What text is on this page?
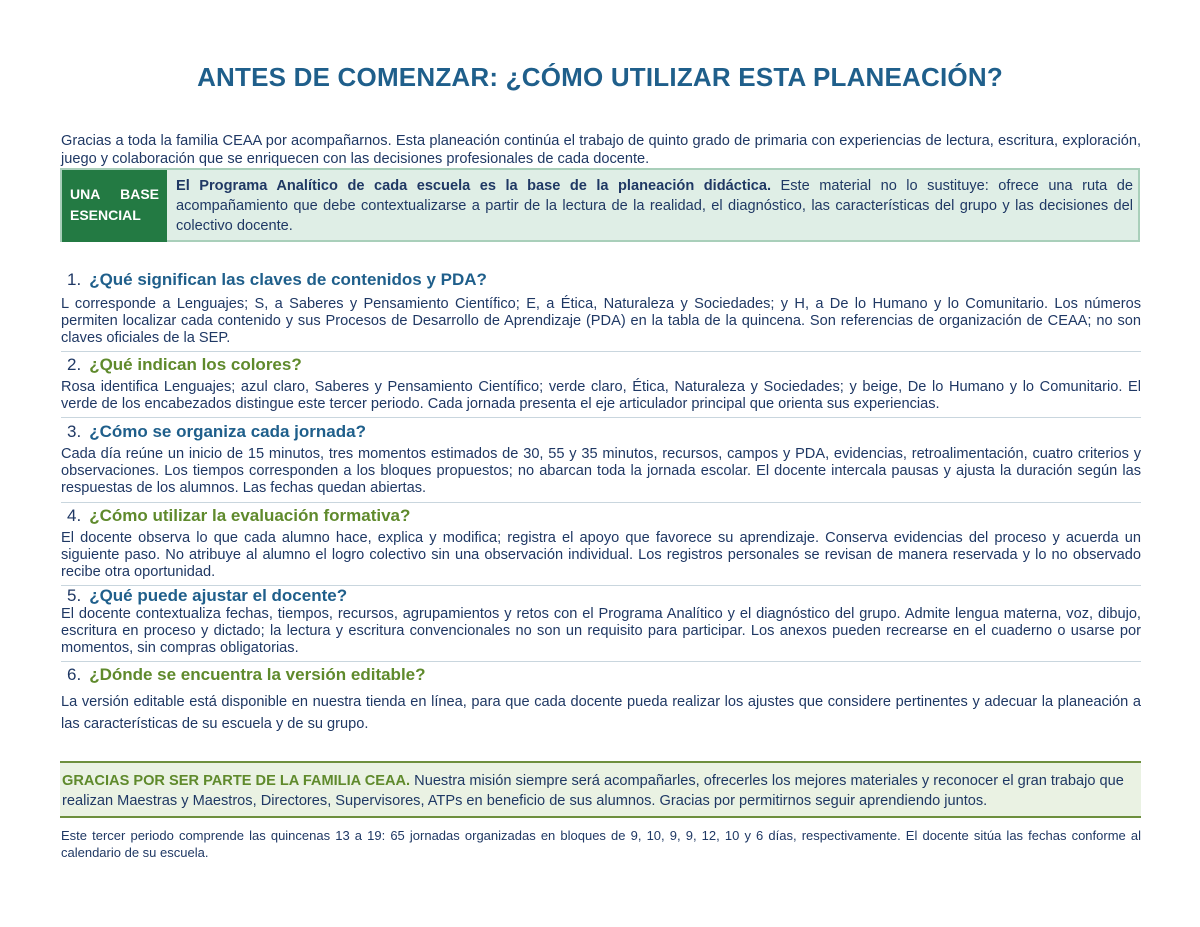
ANTES DE COMENZAR: ¿CÓMO UTILIZAR ESTA PLANEACIÓN?
Gracias a toda la familia CEAA por acompañarnos. Esta planeación continúa el trabajo de quinto grado de primaria con experiencias de lectura, escritura, exploración, juego y colaboración que se enriquecen con las decisiones profesionales de cada docente.
UNA BASE
ESENCIAL
El Programa Analítico de cada escuela es la base de la planeación didáctica. Este material no lo sustituye: ofrece una ruta de acompañamiento que debe contextualizarse a partir de la lectura de la realidad, el diagnóstico, las características del grupo y las decisiones del colectivo docente.
1. ¿Qué significan las claves de contenidos y PDA?
L corresponde a Lenguajes; S, a Saberes y Pensamiento Científico; E, a Ética, Naturaleza y Sociedades; y H, a De lo Humano y lo Comunitario. Los números permiten localizar cada contenido y sus Procesos de Desarrollo de Aprendizaje (PDA) en la tabla de la quincena. Son referencias de organización de CEAA; no son claves oficiales de la SEP.
2. ¿Qué indican los colores?
Rosa identifica Lenguajes; azul claro, Saberes y Pensamiento Científico; verde claro, Ética, Naturaleza y Sociedades; y beige, De lo Humano y lo Comunitario. El verde de los encabezados distingue este tercer periodo. Cada jornada presenta el eje articulador principal que orienta sus experiencias.
3. ¿Cómo se organiza cada jornada?
Cada día reúne un inicio de 15 minutos, tres momentos estimados de 30, 55 y 35 minutos, recursos, campos y PDA, evidencias, retroalimentación, cuatro criterios y observaciones. Los tiempos corresponden a los bloques propuestos; no abarcan toda la jornada escolar. El docente intercala pausas y ajusta la duración según las respuestas de los alumnos. Las fechas quedan abiertas.
4. ¿Cómo utilizar la evaluación formativa?
El docente observa lo que cada alumno hace, explica y modifica; registra el apoyo que favorece su aprendizaje. Conserva evidencias del proceso y acuerda un siguiente paso. No atribuye al alumno el logro colectivo sin una observación individual. Los registros personales se revisan de manera reservada y lo no observado recibe otra oportunidad.
5. ¿Qué puede ajustar el docente?
El docente contextualiza fechas, tiempos, recursos, agrupamientos y retos con el Programa Analítico y el diagnóstico del grupo. Admite lengua materna, voz, dibujo, escritura en proceso y dictado; la lectura y escritura convencionales no son un requisito para participar. Los anexos pueden recrearse en el cuaderno o usarse por momentos, sin compras obligatorias.
6. ¿Dónde se encuentra la versión editable?
La versión editable está disponible en nuestra tienda en línea, para que cada docente pueda realizar los ajustes que considere pertinentes y adecuar la planeación a las características de su escuela y de su grupo.
GRACIAS POR SER PARTE DE LA FAMILIA CEAA. Nuestra misión siempre será acompañarles, ofrecerles los mejores materiales y reconocer el gran trabajo que realizan Maestras y Maestros, Directores, Supervisores, ATPs en beneficio de sus alumnos. Gracias por permitirnos seguir aprendiendo juntos.
Este tercer periodo comprende las quincenas 13 a 19: 65 jornadas organizadas en bloques de 9, 10, 9, 9, 12, 10 y 6 días, respectivamente. El docente sitúa las fechas conforme al calendario de su escuela.
